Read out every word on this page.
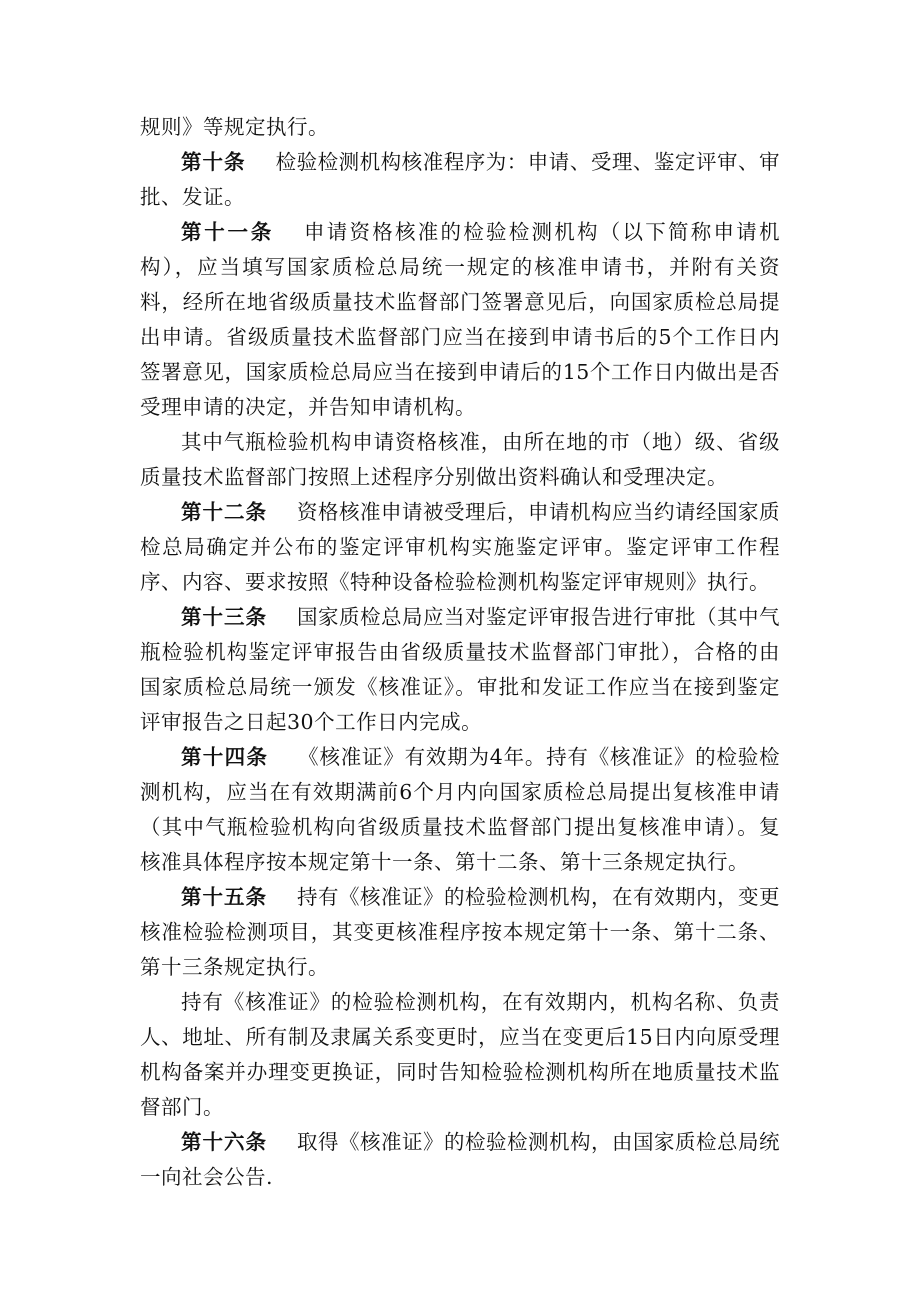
规则》等规定执行。

第十条 检验检测机构核准程序为：申请、受理、鉴定评审、审批、发证。

第十一条 申请资格核准的检验检测机构（以下简称申请机构），应当填写国家质检总局统一规定的核准申请书，并附有关资料，经所在地省级质量技术监督部门签署意见后，向国家质检总局提出申请。省级质量技术监督部门应当在接到申请书后的5个工作日内签署意见，国家质检总局应当在接到申请后的15个工作日内做出是否受理申请的决定，并告知申请机构。

其中气瓶检验机构申请资格核准，由所在地的市（地）级、省级质量技术监督部门按照上述程序分别做出资料确认和受理决定。

第十二条 资格核准申请被受理后，申请机构应当约请经国家质检总局确定并公布的鉴定评审机构实施鉴定评审。鉴定评审工作程序、内容、要求按照《特种设备检验检测机构鉴定评审规则》执行。

第十三条 国家质检总局应当对鉴定评审报告进行审批（其中气瓶检验机构鉴定评审报告由省级质量技术监督部门审批），合格的由国家质检总局统一颁发《核准证》。审批和发证工作应当在接到鉴定评审报告之日起30个工作日内完成。

第十四条 《核准证》有效期为4年。持有《核准证》的检验检测机构，应当在有效期满前6个月内向国家质检总局提出复核准申请（其中气瓶检验机构向省级质量技术监督部门提出复核准申请）。复核准具体程序按本规定第十一条、第十二条、第十三条规定执行。

第十五条 持有《核准证》的检验检测机构，在有效期内，变更核准检验检测项目，其变更核准程序按本规定第十一条、第十二条、第十三条规定执行。

持有《核准证》的检验检测机构，在有效期内，机构名称、负责人、地址、所有制及隶属关系变更时，应当在变更后15日内向原受理机构备案并办理变更换证，同时告知检验检测机构所在地质量技术监督部门。

第十六条 取得《核准证》的检验检测机构，由国家质检总局统一向社会公告.
